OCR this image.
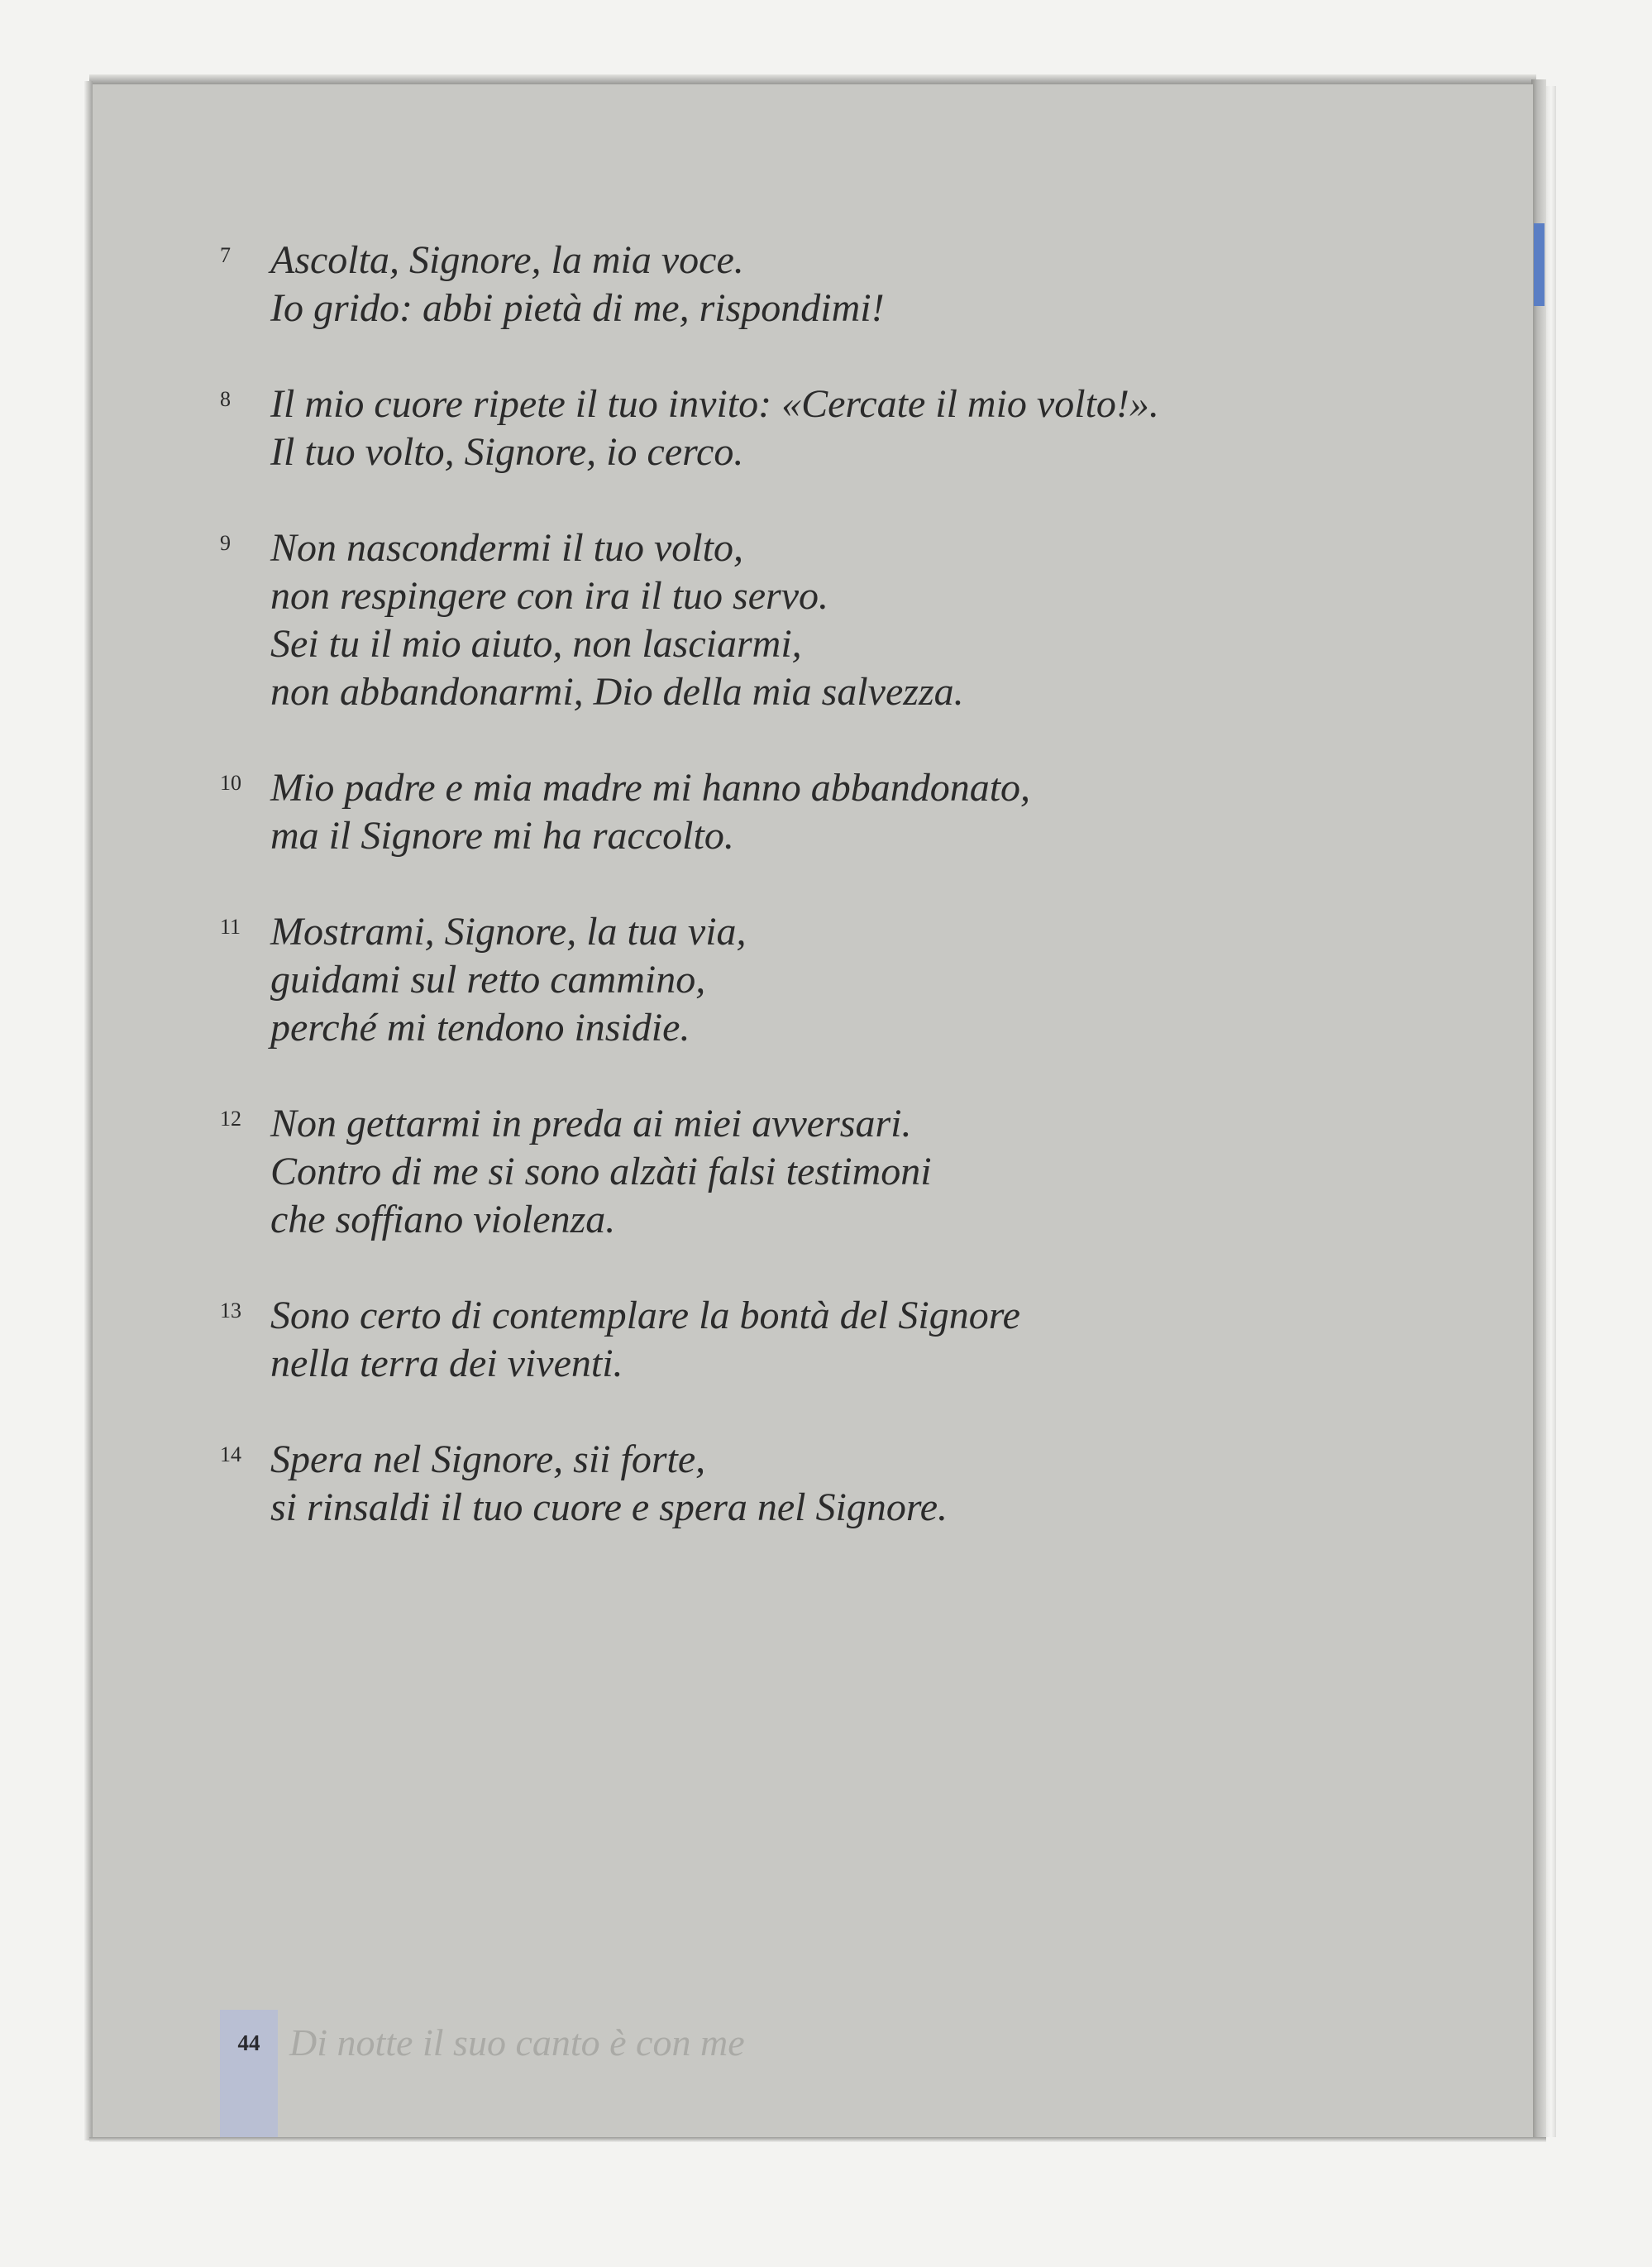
7	Ascolta, Signore, la mia voce.
Io grido: abbi pietà di me, rispondimi!
8	Il mio cuore ripete il tuo invito: «Cercate il mio volto!».
Il tuo volto, Signore, io cerco.
9	Non nascondermi il tuo volto,
non respingere con ira il tuo servo.
Sei tu il mio aiuto, non lasciarmi,
non abbandonarmi, Dio della mia salvezza.
10 Mio padre e mia madre mi hanno abbandonato,
ma il Signore mi ha raccolto.
11 Mostrami, Signore, la tua via,
guidami sul retto cammino,
perché mi tendono insidie.
12 Non gettarmi in preda ai miei avversari.
Contro di me si sono alzàti falsi testimoni
che soffiano violenza.
13 Sono certo di contemplare la bontà del Signore
nella terra dei viventi.
14 Spera nel Signore, sii forte,
si rinsaldi il tuo cuore e spera nel Signore.
44 Di notte il suo canto è con me
